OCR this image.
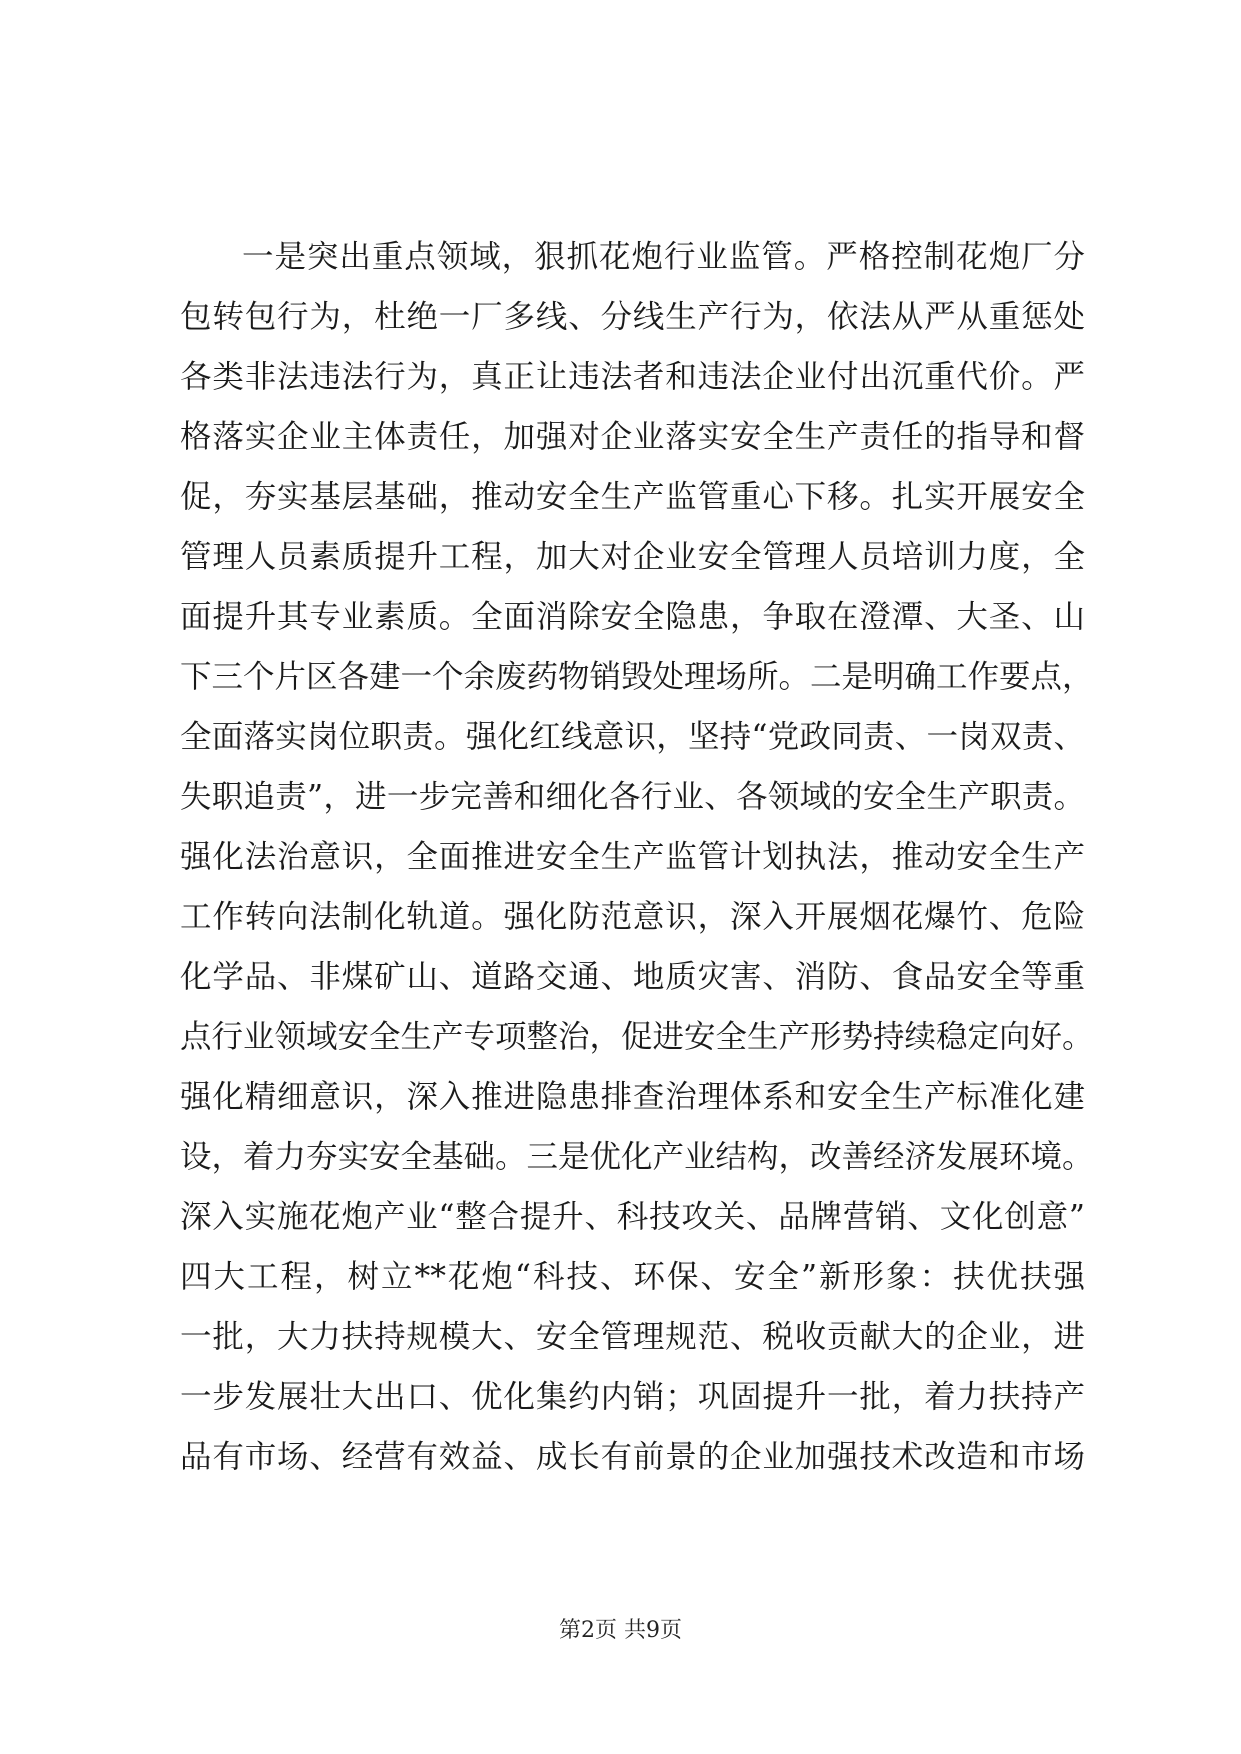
一是突出重点领域，狠抓花炮行业监管。严格控制花炮厂分
包转包行为，杜绝一厂多线、分线生产行为，依法从严从重惩处
各类非法违法行为，真正让违法者和违法企业付出沉重代价。严
格落实企业主体责任，加强对企业落实安全生产责任的指导和督
促，夯实基层基础，推动安全生产监管重心下移。扎实开展安全
管理人员素质提升工程，加大对企业安全管理人员培训力度，全
面提升其专业素质。全面消除安全隐患，争取在澄潭、大圣、山
下三个片区各建一个余废药物销毁处理场所。二是明确工作要点，
全面落实岗位职责。强化红线意识，坚持“党政同责、一岗双责、
失职追责”，进一步完善和细化各行业、各领域的安全生产职责。
强化法治意识，全面推进安全生产监管计划执法，推动安全生产
工作转向法制化轨道。强化防范意识，深入开展烟花爆竹、危险
化学品、非煤矿山、道路交通、地质灾害、消防、食品安全等重
点行业领域安全生产专项整治，促进安全生产形势持续稳定向好。
强化精细意识，深入推进隐患排查治理体系和安全生产标准化建
设，着力夯实安全基础。三是优化产业结构，改善经济发展环境。
深入实施花炮产业“整合提升、科技攻关、品牌营销、文化创意”
四大工程，树立**花炮“科技、环保、安全”新形象：扶优扶强
一批，大力扶持规模大、安全管理规范、税收贡献大的企业，进
一步发展壮大出口、优化集约内销；巩固提升一批，着力扶持产
品有市场、经营有效益、成长有前景的企业加强技术改造和市场
第2页 共9页
